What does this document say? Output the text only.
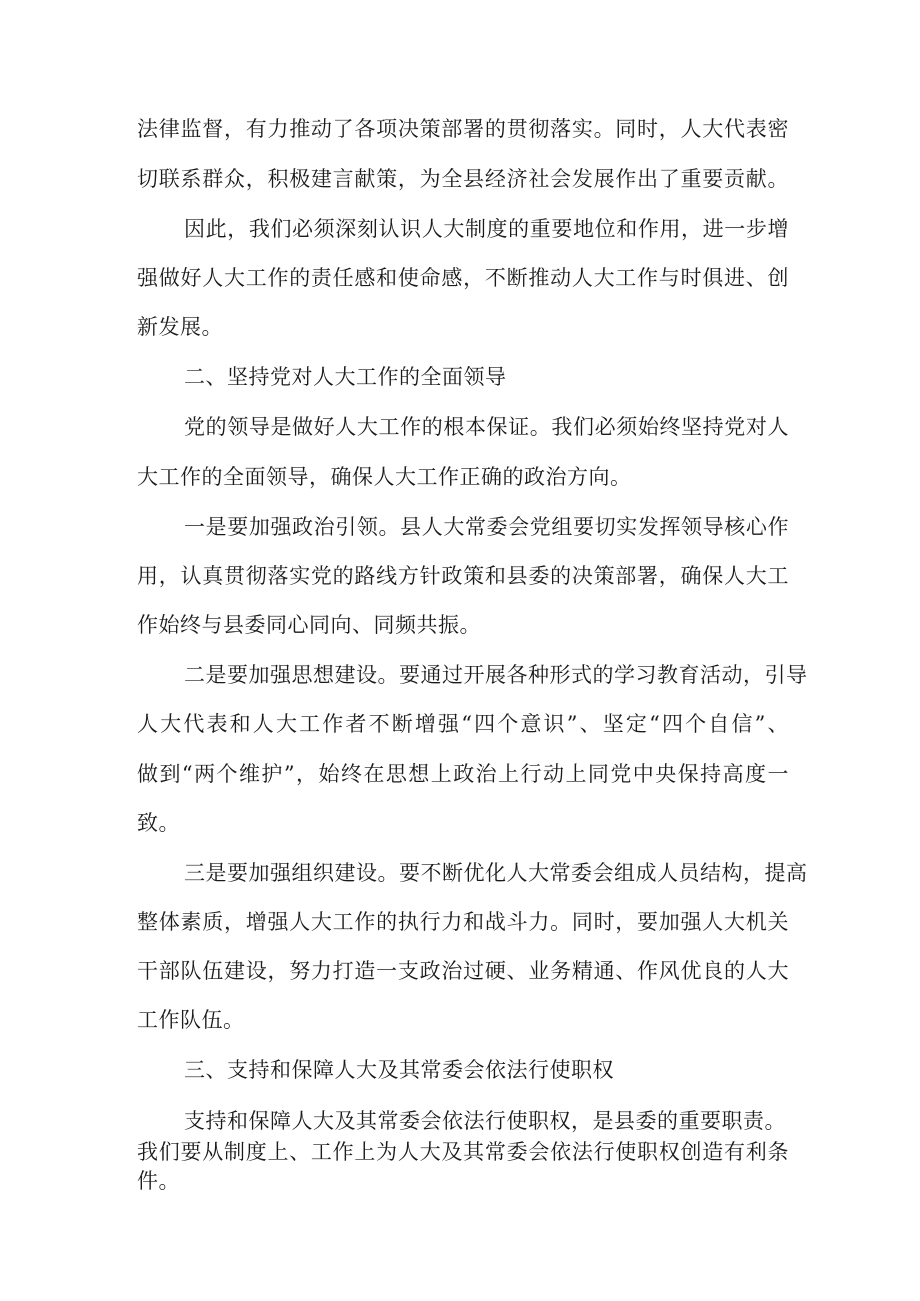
法律监督，有力推动了各项决策部署的贯彻落实。同时，人大代表密
切联系群众，积极建言献策，为全县经济社会发展作出了重要贡献。
因此，我们必须深刻认识人大制度的重要地位和作用，进一步增
强做好人大工作的责任感和使命感，不断推动人大工作与时俱进、创
新发展。
二、坚持党对人大工作的全面领导
党的领导是做好人大工作的根本保证。我们必须始终坚持党对人
大工作的全面领导，确保人大工作正确的政治方向。
一是要加强政治引领。县人大常委会党组要切实发挥领导核心作
用，认真贯彻落实党的路线方针政策和县委的决策部署，确保人大工
作始终与县委同心同向、同频共振。
二是要加强思想建设。要通过开展各种形式的学习教育活动，引导
人大代表和人大工作者不断增强“四个意识”、坚定“四个自信”、
做到“两个维护”，始终在思想上政治上行动上同党中央保持高度一
致。
三是要加强组织建设。要不断优化人大常委会组成人员结构，提高
整体素质，增强人大工作的执行力和战斗力。同时，要加强人大机关
干部队伍建设，努力打造一支政治过硬、业务精通、作风优良的人大
工作队伍。
三、支持和保障人大及其常委会依法行使职权
支持和保障人大及其常委会依法行使职权，是县委的重要职责。
我们要从制度上、工作上为人大及其常委会依法行使职权创造有利条
件。
